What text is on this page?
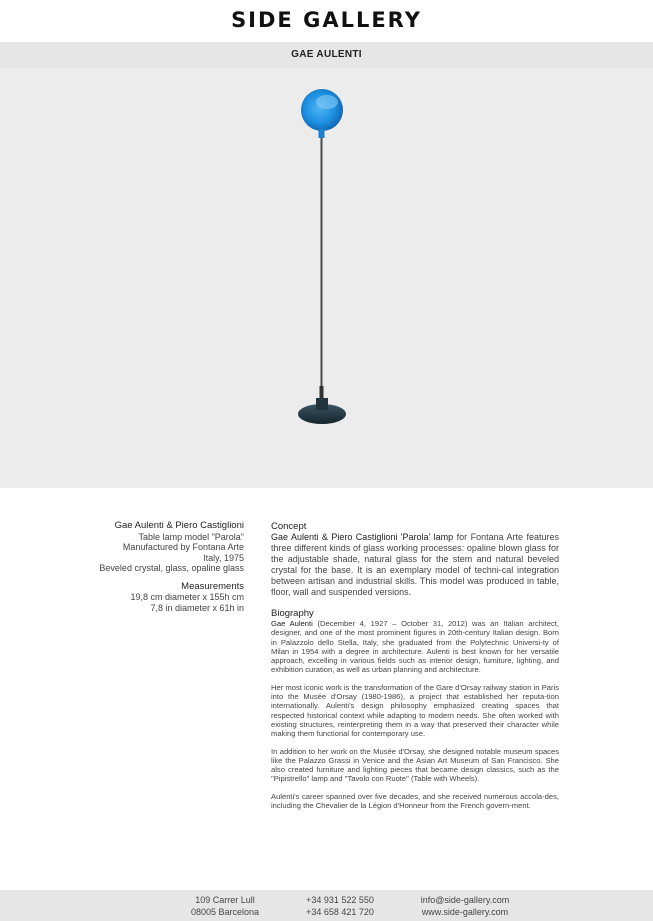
SIDE GALLERY
GAE AULENTI
Gae Aulenti & Piero Castiglioni
Table lamp model "Parola"
Manufactured by Fontana Arte
Italy, 1975
Beveled crystal, glass, opaline glass
Measurements
19,8 cm diameter x 155h cm
7,8 in diameter x 61h in
Concept

Gae Aulenti & Piero Castiglioni 'Parola' lamp for Fontana Arte features three different kinds of glass working processes: opaline blown glass for the adjustable shade, natural glass for the stem and natural beveled crystal for the base. It is an exemplary model of techni-cal integration between artisan and industrial skills. This model was produced in table, floor, wall and suspended versions.

Biography

Gae Aulenti (December 4, 1927 – October 31, 2012) was an Italian architect, designer, and one of the most prominent figures in 20th-century Italian design. Born in Palazzolo dello Stella, Italy, she graduated from the Polytechnic Universi-ty of Milan in 1954 with a degree in architecture. Aulenti is best known for her versatile approach, excelling in various fields such as interior design, furniture, lighting, and exhibition curation, as well as urban planning and architecture.

Her most iconic work is the transformation of the Gare d'Orsay railway station in Paris into the Musée d'Orsay (1980-1986), a project that established her reputa-tion internationally. Aulenti's design philosophy emphasized creating spaces that respected historical context while adapting to modern needs. She often worked with existing structures, reinterpreting them in a way that preserved their character while making them functional for contemporary use.

In addition to her work on the Musée d'Orsay, she designed notable museum spaces like the Palazzo Grassi in Venice and the Asian Art Museum of San Francisco. She also created furniture and lighting pieces that became design classics, such as the "Pipistrello" lamp and "Tavolo con Ruote" (Table with Wheels).

Aulenti's career spanned over five decades, and she received numerous accola-des, including the Chevalier de la Légion d'Honneur from the French govern-ment.

109 Carrer Lull
08005 Barcelona
+34 931 522 550
+34 658 421 720
info@side-gallery.com
www.side-gallery.com
